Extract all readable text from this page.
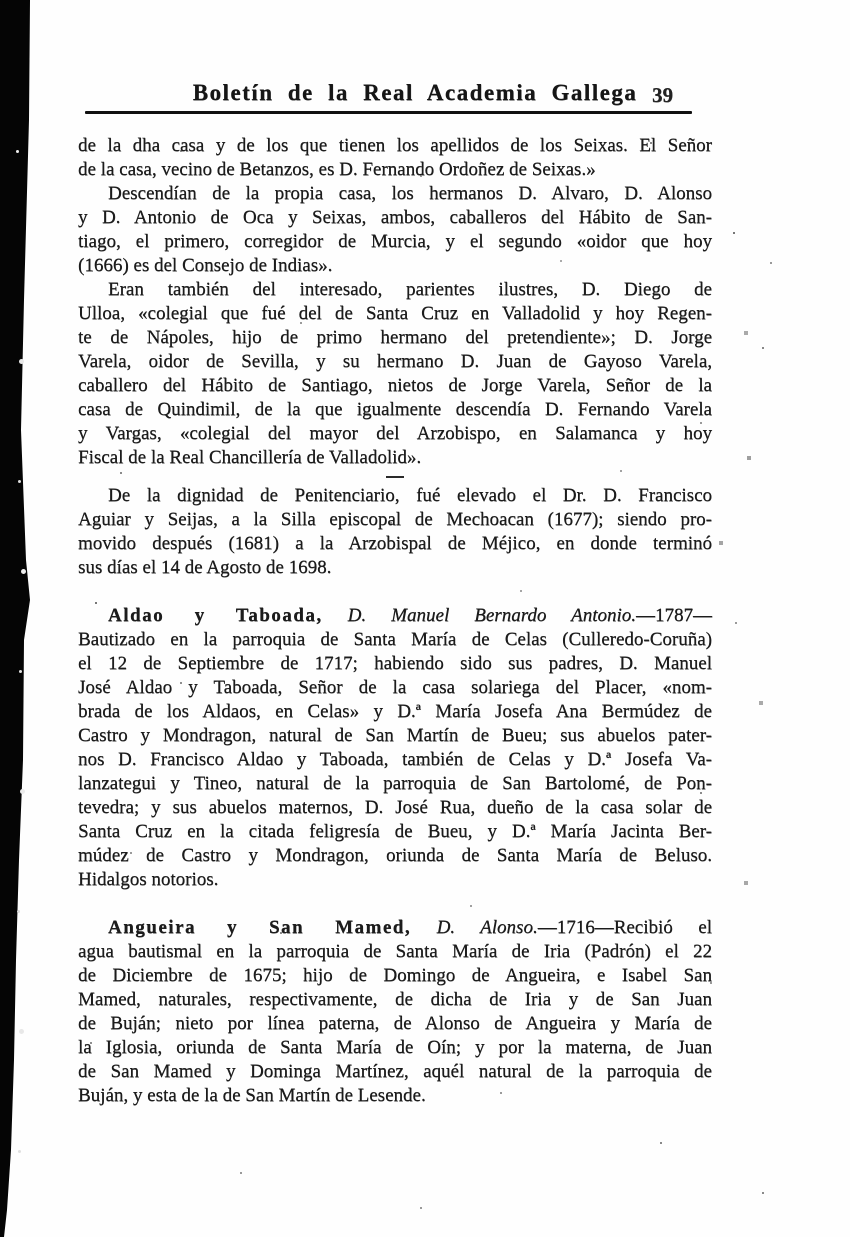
Boletín de la Real Academia Gallega 39
de la dha casa y de los que tienen los apellidos de los Seixas. El Señor
de la casa, vecino de Betanzos, es D. Fernando Ordoñez de Seixas.»
Descendían de la propia casa, los hermanos D. Alvaro, D. Alonso
y D. Antonio de Oca y Seixas, ambos, caballeros del Hábito de San-
tiago, el primero, corregidor de Murcia, y el segundo «oidor que hoy
(1666) es del Consejo de Indias».
Eran también del interesado, parientes ilustres, D. Diego de
Ulloa, «colegial que fué del de Santa Cruz en Valladolid y hoy Regen-
te de Nápoles, hijo de primo hermano del pretendiente»; D. Jorge
Varela, oidor de Sevilla, y su hermano D. Juan de Gayoso Varela,
caballero del Hábito de Santiago, nietos de Jorge Varela, Señor de la
casa de Quindimil, de la que igualmente descendía D. Fernando Varela
y Vargas, «colegial del mayor del Arzobispo, en Salamanca y hoy
Fiscal de la Real Chancillería de Valladolid».
De la dignidad de Penitenciario, fué elevado el Dr. D. Francisco
Aguiar y Seijas, a la Silla episcopal de Mechoacan (1677); siendo pro-
movido después (1681) a la Arzobispal de Méjico, en donde terminó
sus días el 14 de Agosto de 1698.
Aldao y Taboada, D. Manuel Bernardo Antonio.—1787—
Bautizado en la parroquia de Santa María de Celas (Culleredo-Coruña)
el 12 de Septiembre de 1717; habiendo sido sus padres, D. Manuel
José Aldao y Taboada, Señor de la casa solariega del Placer, «nom-
brada de los Aldaos, en Celas» y D.ª María Josefa Ana Bermúdez de
Castro y Mondragon, natural de San Martín de Bueu; sus abuelos pater-
nos D. Francisco Aldao y Taboada, también de Celas y D.ª Josefa Va-
lanzategui y Tineo, natural de la parroquia de San Bartolomé, de Pon-
tevedra; y sus abuelos maternos, D. José Rua, dueño de la casa solar de
Santa Cruz en la citada feligresía de Bueu, y D.ª María Jacinta Ber-
múdez de Castro y Mondragon, oriunda de Santa María de Beluso.
Hidalgos notorios.
Angueira y San Mamed, D. Alonso.—1716—Recibió el
agua bautismal en la parroquia de Santa María de Iria (Padrón) el 22
de Diciembre de 1675; hijo de Domingo de Angueira, e Isabel San
Mamed, naturales, respectivamente, de dicha de Iria y de San Juan
de Buján; nieto por línea paterna, de Alonso de Angueira y María de
la Iglosia, oriunda de Santa María de Oín; y por la materna, de Juan
de San Mamed y Dominga Martínez, aquél natural de la parroquia de
Buján, y esta de la de San Martín de Lesende.
